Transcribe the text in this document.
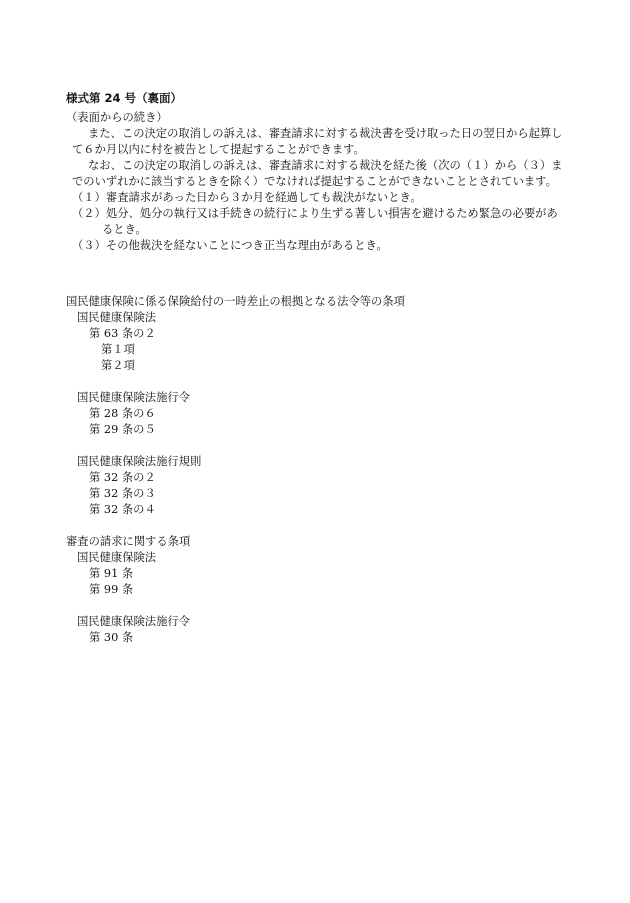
様式第 24 号（裏面）
（表面からの続き）
また、この決定の取消しの訴えは、審査請求に対する裁決書を受け取った日の翌日から起算し
て６か月以内に村を被告として提起することができます。
なお、この決定の取消しの訴えは、審査請求に対する裁決を経た後（次の（１）から（３）ま
でのいずれかに該当するときを除く）でなければ提起することができないこととされています。
（１）審査請求があった日から３か月を経過しても裁決がないとき。
（２）処分、処分の執行又は手続きの続行により生ずる著しい損害を避けるため緊急の必要があ
るとき。
（３）その他裁決を経ないことにつき正当な理由があるとき。
国民健康保険に係る保険給付の一時差止の根拠となる法令等の条項
国民健康保険法
第 63 条の２
第１項
第２項
国民健康保険法施行令
第 28 条の６
第 29 条の５
国民健康保険法施行規則
第 32 条の２
第 32 条の３
第 32 条の４
審査の請求に関する条項
国民健康保険法
第 91 条
第 99 条
国民健康保険法施行令
第 30 条
